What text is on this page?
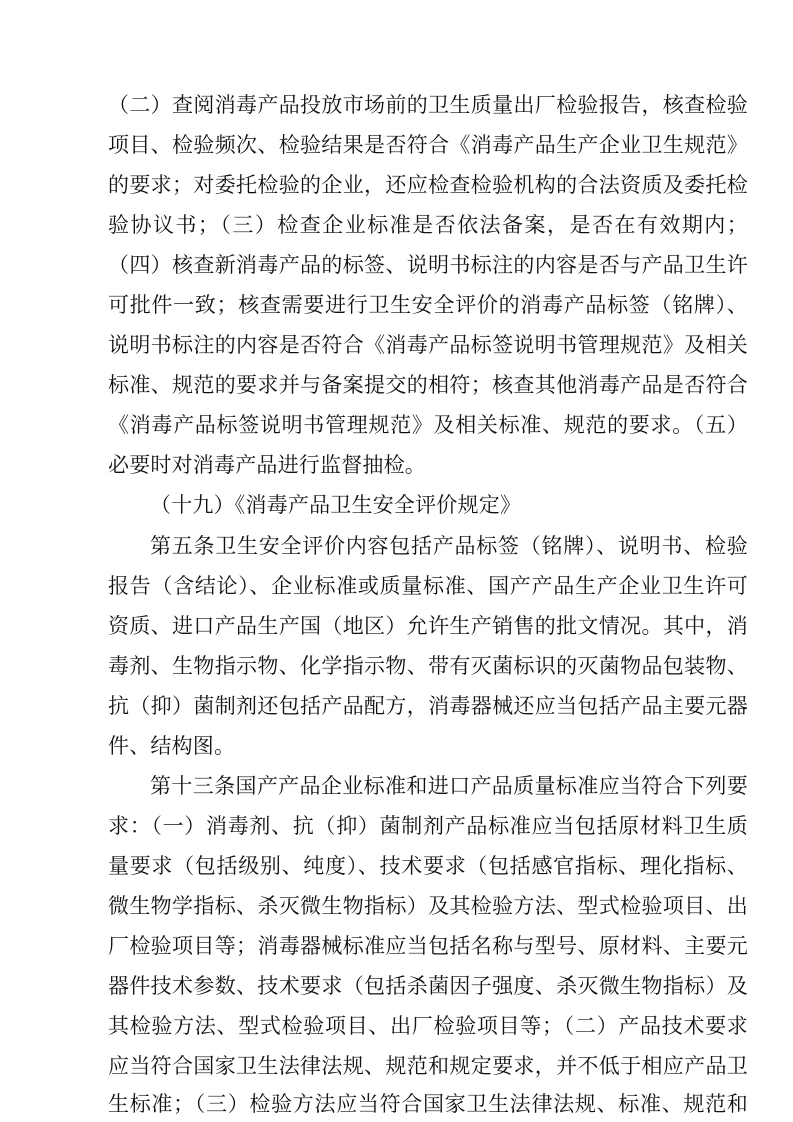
（二）查阅消毒产品投放市场前的卫生质量出厂检验报告，核查检验
项目、检验频次、检验结果是否符合《消毒产品生产企业卫生规范》
的要求；对委托检验的企业，还应检查检验机构的合法资质及委托检
验协议书；（三）检查企业标准是否依法备案，是否在有效期内；
（四）核查新消毒产品的标签、说明书标注的内容是否与产品卫生许
可批件一致；核查需要进行卫生安全评价的消毒产品标签（铭牌）、
说明书标注的内容是否符合《消毒产品标签说明书管理规范》及相关
标准、规范的要求并与备案提交的相符；核查其他消毒产品是否符合
《消毒产品标签说明书管理规范》及相关标准、规范的要求。（五）
必要时对消毒产品进行监督抽检。
（十九）《消毒产品卫生安全评价规定》
第五条卫生安全评价内容包括产品标签（铭牌）、说明书、检验
报告（含结论）、企业标准或质量标准、国产产品生产企业卫生许可
资质、进口产品生产国（地区）允许生产销售的批文情况。其中，消
毒剂、生物指示物、化学指示物、带有灭菌标识的灭菌物品包装物、
抗（抑）菌制剂还包括产品配方，消毒器械还应当包括产品主要元器
件、结构图。
第十三条国产产品企业标准和进口产品质量标准应当符合下列要
求：（一）消毒剂、抗（抑）菌制剂产品标准应当包括原材料卫生质
量要求（包括级别、纯度）、技术要求（包括感官指标、理化指标、
微生物学指标、杀灭微生物指标）及其检验方法、型式检验项目、出
厂检验项目等；消毒器械标准应当包括名称与型号、原材料、主要元
器件技术参数、技术要求（包括杀菌因子强度、杀灭微生物指标）及
其检验方法、型式检验项目、出厂检验项目等；（二）产品技术要求
应当符合国家卫生法律法规、规范和规定要求，并不低于相应产品卫
生标准；（三）检验方法应当符合国家卫生法律法规、标准、规范和
